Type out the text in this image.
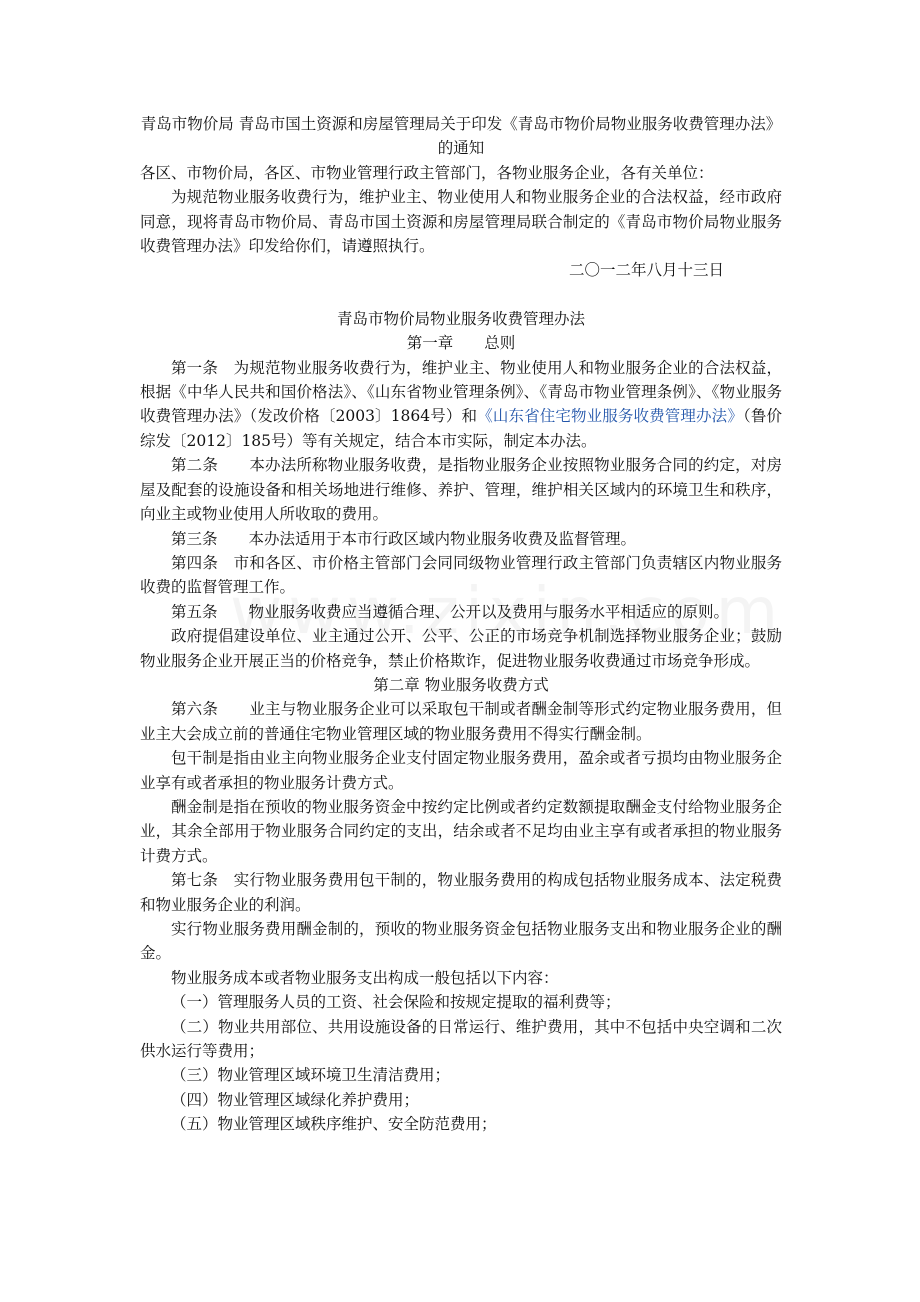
青岛市物价局 青岛市国土资源和房屋管理局关于印发《青岛市物价局物业服务收费管理办法》的通知

各区、市物价局，各区、市物业管理行政主管部门，各物业服务企业，各有关单位：

为规范物业服务收费行为，维护业主、物业使用人和物业服务企业的合法权益，经市政府同意，现将青岛市物价局、青岛市国土资源和房屋管理局联合制定的《青岛市物价局物业服务收费管理办法》印发给你们，请遵照执行。

二〇一二年八月十三日

青岛市物价局物业服务收费管理办法

第一章　　总则

第一条　为规范物业服务收费行为，维护业主、物业使用人和物业服务企业的合法权益，根据《中华人民共和国价格法》、《山东省物业管理条例》、《青岛市物业管理条例》、《物业服务收费管理办法》（发改价格〔2003〕1864号）和《山东省住宅物业服务收费管理办法》（鲁价综发〔2012〕185号）等有关规定，结合本市实际，制定本办法。

第二条　　本办法所称物业服务收费，是指物业服务企业按照物业服务合同的约定，对房屋及配套的设施设备和相关场地进行维修、养护、管理，维护相关区域内的环境卫生和秩序，向业主或物业使用人所收取的费用。

第三条　　本办法适用于本市行政区域内物业服务收费及监督管理。

第四条　市和各区、市价格主管部门会同同级物业管理行政主管部门负责辖区内物业服务收费的监督管理工作。

第五条　　物业服务收费应当遵循合理、公开以及费用与服务水平相适应的原则。

政府提倡建设单位、业主通过公开、公平、公正的市场竞争机制选择物业服务企业；鼓励物业服务企业开展正当的价格竞争，禁止价格欺诈，促进物业服务收费通过市场竞争形成。

第二章 物业服务收费方式

第六条　　业主与物业服务企业可以采取包干制或者酬金制等形式约定物业服务费用，但业主大会成立前的普通住宅物业管理区域的物业服务费用不得实行酬金制。

包干制是指由业主向物业服务企业支付固定物业服务费用，盈余或者亏损均由物业服务企业享有或者承担的物业服务计费方式。

酬金制是指在预收的物业服务资金中按约定比例或者约定数额提取酬金支付给物业服务企业，其余全部用于物业服务合同约定的支出，结余或者不足均由业主享有或者承担的物业服务计费方式。

第七条　实行物业服务费用包干制的，物业服务费用的构成包括物业服务成本、法定税费和物业服务企业的利润。

实行物业服务费用酬金制的，预收的物业服务资金包括物业服务支出和物业服务企业的酬金。

物业服务成本或者物业服务支出构成一般包括以下内容：

（一）管理服务人员的工资、社会保险和按规定提取的福利费等；

（二）物业共用部位、共用设施设备的日常运行、维护费用，其中不包括中央空调和二次供水运行等费用；

（三）物业管理区域环境卫生清洁费用；

（四）物业管理区域绿化养护费用；

（五）物业管理区域秩序维护、安全防范费用；
